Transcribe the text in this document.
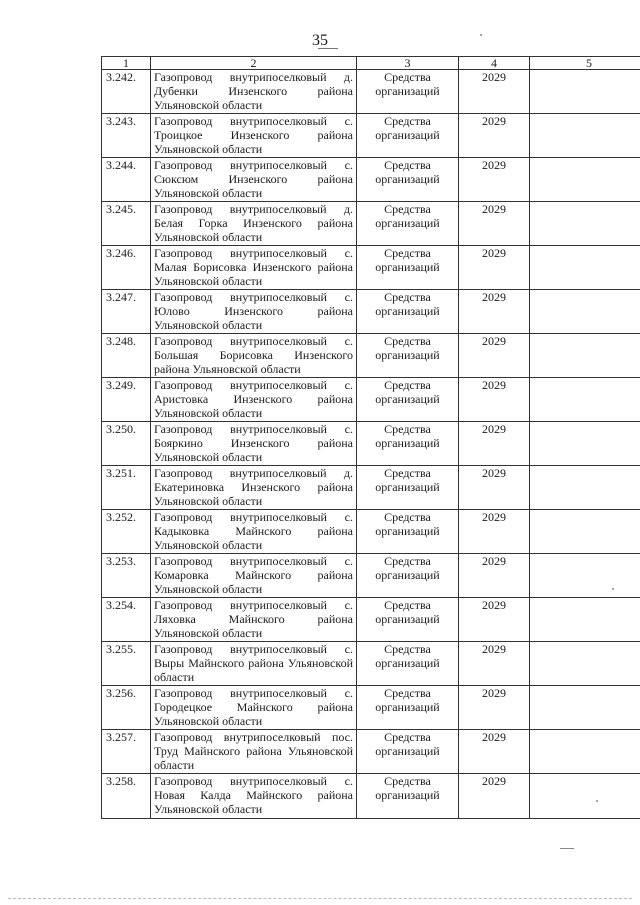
35
1	2	3	4	5
3.242.	Газопровод внутрипоселковый д. Дубенки Инзенского района Ульяновской области	Средства организаций	2029	
3.243.	Газопровод внутрипоселковый с. Троицкое Инзенского района Ульяновской области	Средства организаций	2029	
3.244.	Газопровод внутрипоселковый с. Сюксюм Инзенского района Ульяновской области	Средства организаций	2029	
3.245.	Газопровод внутрипоселковый д. Белая Горка Инзенского района Ульяновской области	Средства организаций	2029	
3.246.	Газопровод внутрипоселковый с. Малая Борисовка Инзенского района Ульяновской области	Средства организаций	2029	
3.247.	Газопровод внутрипоселковый с. Юлово Инзенского района Ульяновской области	Средства организаций	2029	
3.248.	Газопровод внутрипоселковый с. Большая Борисовка Инзенского района Ульяновской области	Средства организаций	2029	
3.249.	Газопровод внутрипоселковый с. Аристовка Инзенского района Ульяновской области	Средства организаций	2029	
3.250.	Газопровод внутрипоселковый с. Бояркино Инзенского района Ульяновской области	Средства организаций	2029	
3.251.	Газопровод внутрипоселковый д. Екатериновка Инзенского района Ульяновской области	Средства организаций	2029	
3.252.	Газопровод внутрипоселковый с. Кадыковка Майнского района Ульяновской области	Средства организаций	2029	
3.253.	Газопровод внутрипоселковый с. Комаровка Майнского района Ульяновской области	Средства организаций	2029	
3.254.	Газопровод внутрипоселковый с. Ляховка Майнского района Ульяновской области	Средства организаций	2029	
3.255.	Газопровод внутрипоселковый с. Выры Майнского района Ульяновской области	Средства организаций	2029	
3.256.	Газопровод внутрипоселковый с. Городецкое Майнского района Ульяновской области	Средства организаций	2029	
3.257.	Газопровод внутрипоселковый пос. Труд Майнского района Ульяновской области	Средства организаций	2029	
3.258.	Газопровод внутрипоселковый с. Новая Калда Майнского района Ульяновской области	Средства организаций	2029	
